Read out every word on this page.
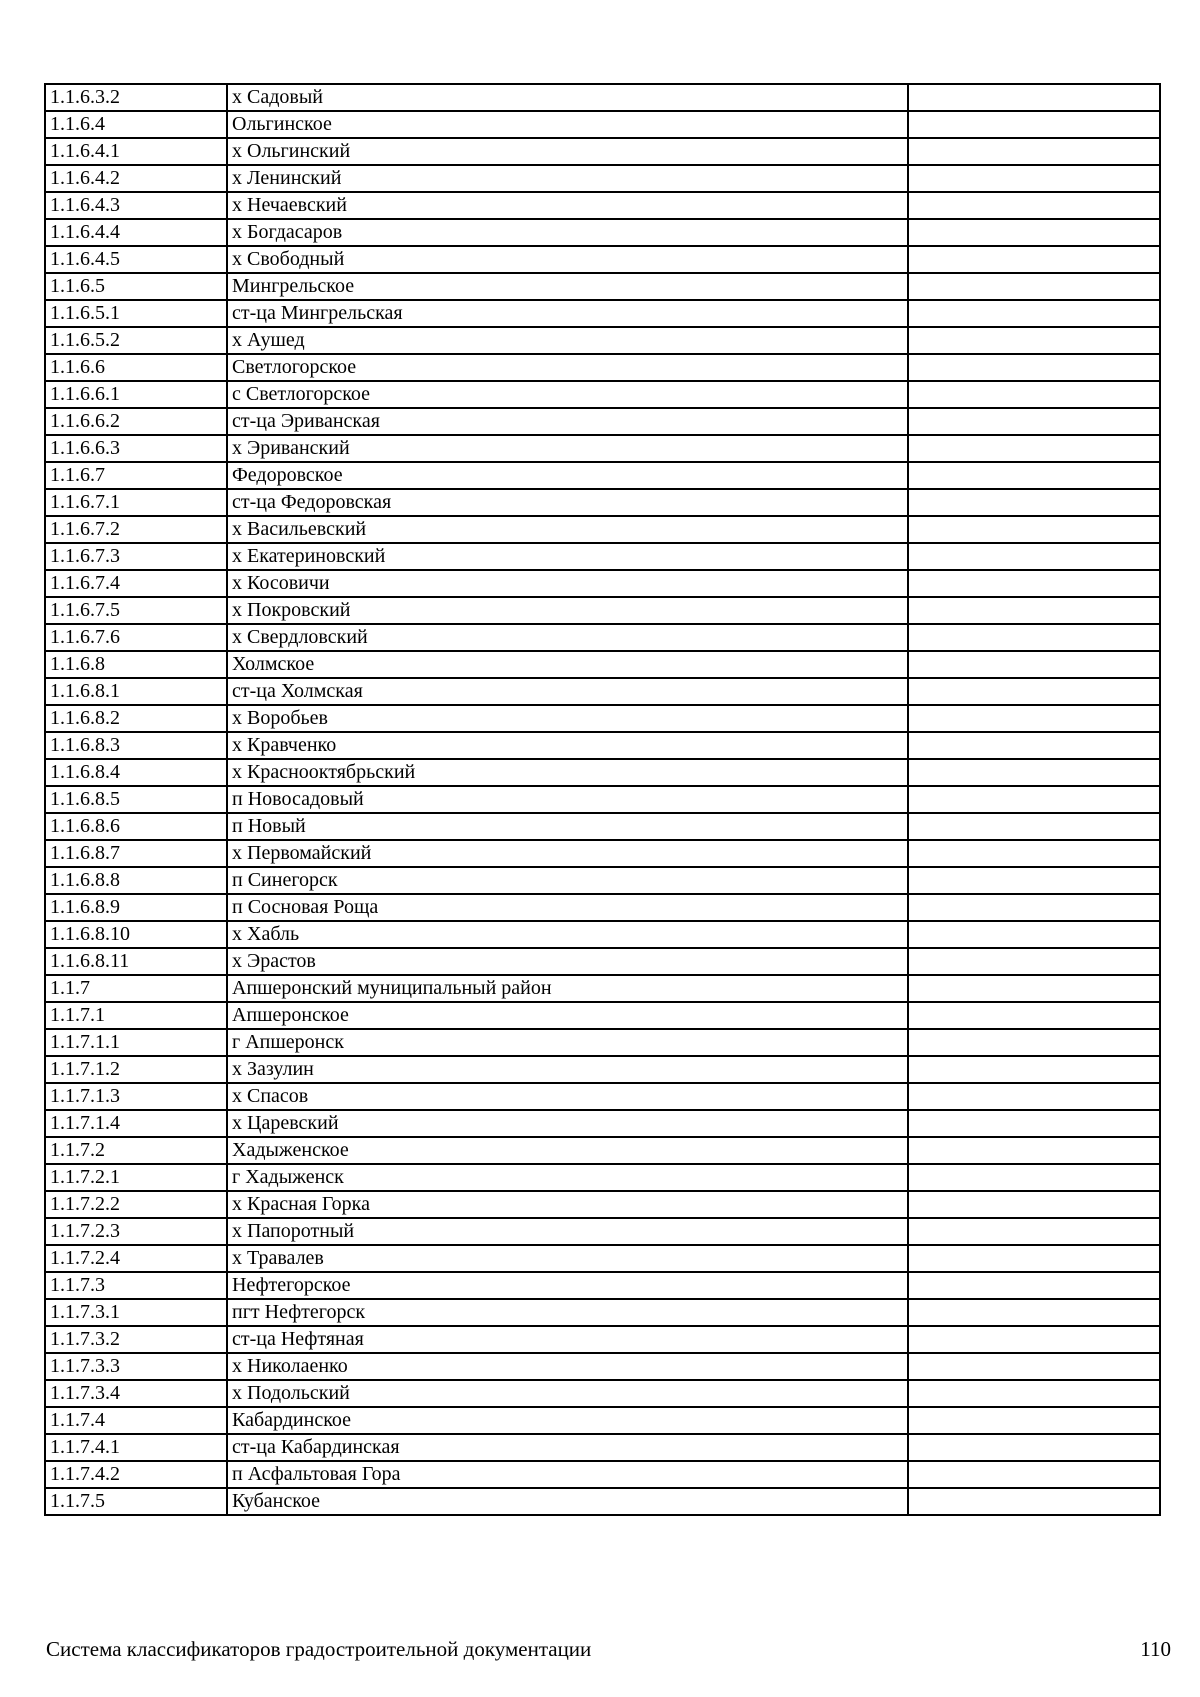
1.1.6.3.2	х Садовый	
1.1.6.4	Ольгинское	
1.1.6.4.1	х Ольгинский	
1.1.6.4.2	х Ленинский	
1.1.6.4.3	х Нечаевский	
1.1.6.4.4	х Богдасаров	
1.1.6.4.5	х Свободный	
1.1.6.5	Мингрельское	
1.1.6.5.1	ст-ца Мингрельская	
1.1.6.5.2	х Аушед	
1.1.6.6	Светлогорское	
1.1.6.6.1	с Светлогорское	
1.1.6.6.2	ст-ца Эриванская	
1.1.6.6.3	х Эриванский	
1.1.6.7	Федоровское	
1.1.6.7.1	ст-ца Федоровская	
1.1.6.7.2	х Васильевский	
1.1.6.7.3	х Екатериновский	
1.1.6.7.4	х Косовичи	
1.1.6.7.5	х Покровский	
1.1.6.7.6	х Свердловский	
1.1.6.8	Холмское	
1.1.6.8.1	ст-ца Холмская	
1.1.6.8.2	х Воробьев	
1.1.6.8.3	х Кравченко	
1.1.6.8.4	х Краснооктябрьский	
1.1.6.8.5	п Новосадовый	
1.1.6.8.6	п Новый	
1.1.6.8.7	х Первомайский	
1.1.6.8.8	п Синегорск	
1.1.6.8.9	п Сосновая Роща	
1.1.6.8.10	х Хабль	
1.1.6.8.11	х Эрастов	
1.1.7	Апшеронский муниципальный район	
1.1.7.1	Апшеронское	
1.1.7.1.1	г Апшеронск	
1.1.7.1.2	х Зазулин	
1.1.7.1.3	х Спасов	
1.1.7.1.4	х Царевский	
1.1.7.2	Хадыженское	
1.1.7.2.1	г Хадыженск	
1.1.7.2.2	х Красная Горка	
1.1.7.2.3	х Папоротный	
1.1.7.2.4	х Травалев	
1.1.7.3	Нефтегорское	
1.1.7.3.1	пгт Нефтегорск	
1.1.7.3.2	ст-ца Нефтяная	
1.1.7.3.3	х Николаенко	
1.1.7.3.4	х Подольский	
1.1.7.4	Кабардинское	
1.1.7.4.1	ст-ца Кабардинская	
1.1.7.4.2	п Асфальтовая Гора	
1.1.7.5	Кубанское	
Система классификаторов градостроительной документации	110
